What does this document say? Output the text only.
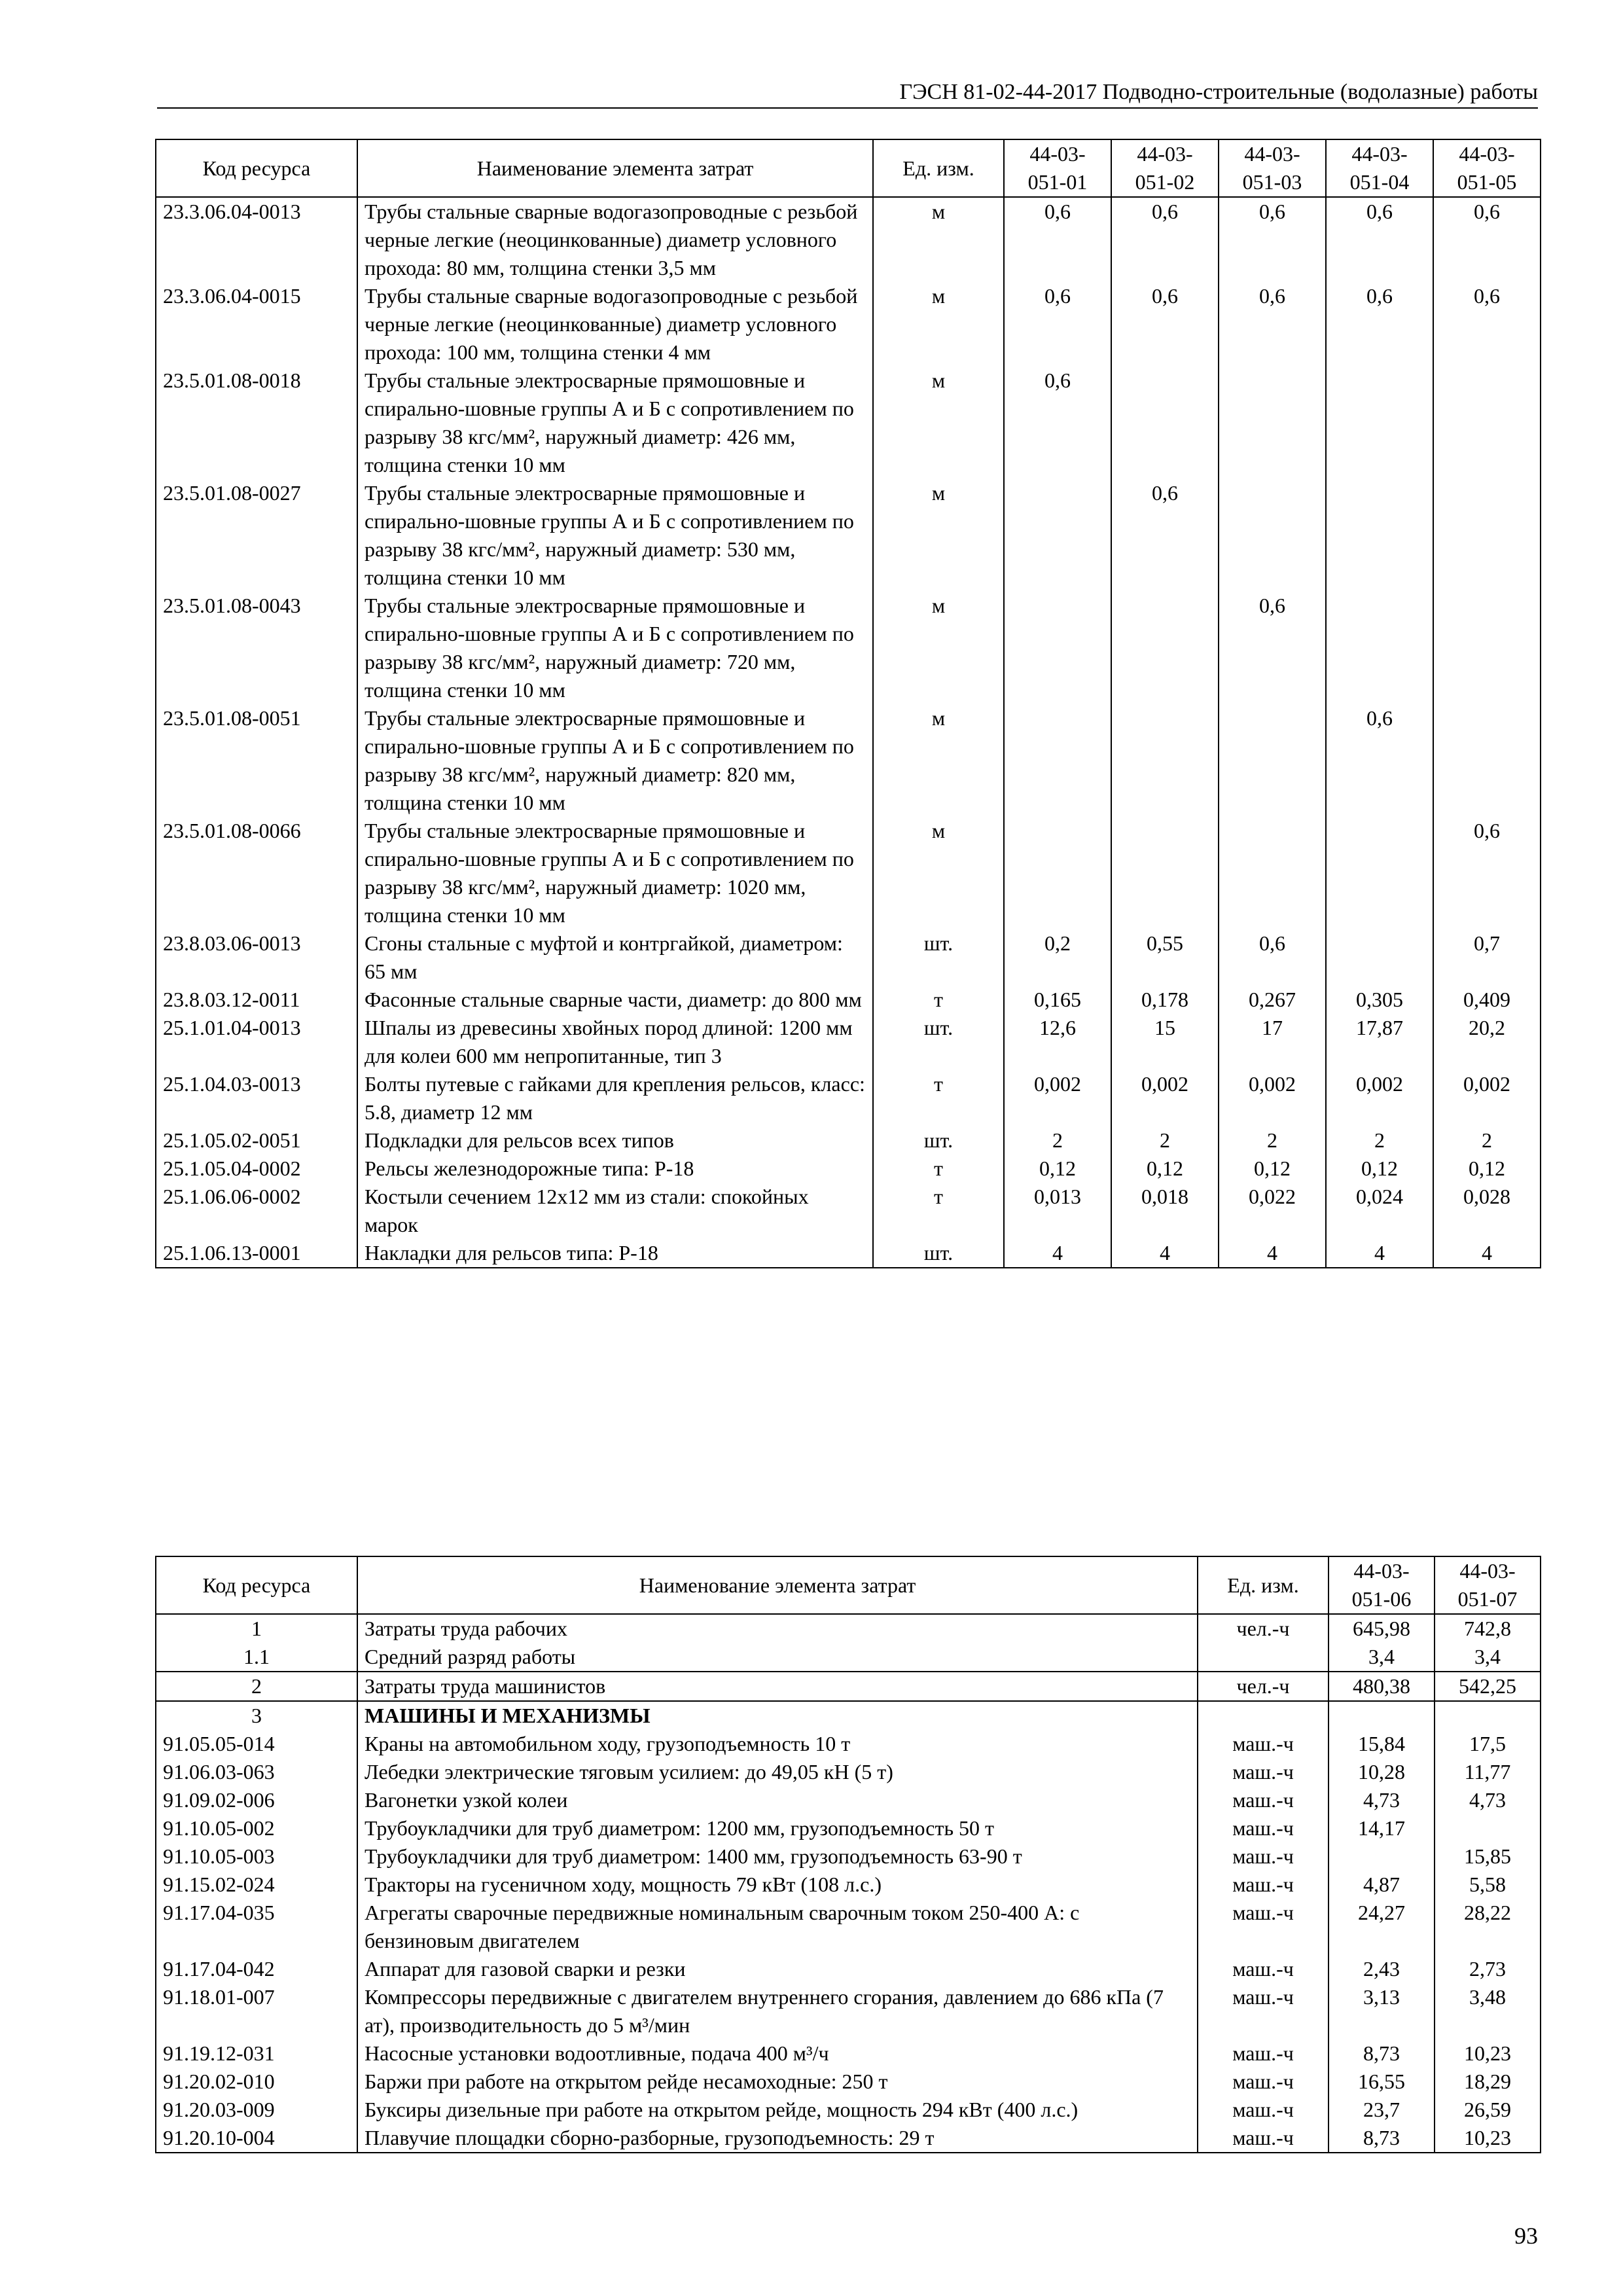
ГЭСН 81-02-44-2017 Подводно-строительные (водолазные) работы
Код ресурса	Наименование элемента затрат	Ед. изм.	44-03-051-01	44-03-051-02	44-03-051-03	44-03-051-04	44-03-051-05
23.3.06.04-0013	Трубы стальные сварные водогазопроводные с резьбой черные легкие (неоцинкованные) диаметр условного прохода: 80 мм, толщина стенки 3,5 мм	м	0,6	0,6	0,6	0,6	0,6
23.3.06.04-0015	Трубы стальные сварные водогазопроводные с резьбой черные легкие (неоцинкованные) диаметр условного прохода: 100 мм, толщина стенки 4 мм	м	0,6	0,6	0,6	0,6	0,6
23.5.01.08-0018	Трубы стальные электросварные прямошовные и спирально-шовные группы А и Б с сопротивлением по разрыву 38 кгс/мм², наружный диаметр: 426 мм, толщина стенки 10 мм	м	0,6				
23.5.01.08-0027	Трубы стальные электросварные прямошовные и спирально-шовные группы А и Б с сопротивлением по разрыву 38 кгс/мм², наружный диаметр: 530 мм, толщина стенки 10 мм	м		0,6			
23.5.01.08-0043	Трубы стальные электросварные прямошовные и спирально-шовные группы А и Б с сопротивлением по разрыву 38 кгс/мм², наружный диаметр: 720 мм, толщина стенки 10 мм	м			0,6		
23.5.01.08-0051	Трубы стальные электросварные прямошовные и спирально-шовные группы А и Б с сопротивлением по разрыву 38 кгс/мм², наружный диаметр: 820 мм, толщина стенки 10 мм	м				0,6	
23.5.01.08-0066	Трубы стальные электросварные прямошовные и спирально-шовные группы А и Б с сопротивлением по разрыву 38 кгс/мм², наружный диаметр: 1020 мм, толщина стенки 10 мм	м					0,6
23.8.03.06-0013	Сгоны стальные с муфтой и контргайкой, диаметром: 65 мм	шт.	0,2	0,55	0,6		0,7
23.8.03.12-0011	Фасонные стальные сварные части, диаметр: до 800 мм	т	0,165	0,178	0,267	0,305	0,409
25.1.01.04-0013	Шпалы из древесины хвойных пород длиной: 1200 мм для колеи 600 мм непропитанные, тип 3	шт.	12,6	15	17	17,87	20,2
25.1.04.03-0013	Болты путевые с гайками для крепления рельсов, класс: 5.8, диаметр 12 мм	т	0,002	0,002	0,002	0,002	0,002
25.1.05.02-0051	Подкладки для рельсов всех типов	шт.	2	2	2	2	2
25.1.05.04-0002	Рельсы железнодорожные типа: Р-18	т	0,12	0,12	0,12	0,12	0,12
25.1.06.06-0002	Костыли сечением 12х12 мм из стали: спокойных марок	т	0,013	0,018	0,022	0,024	0,028
25.1.06.13-0001	Накладки для рельсов типа: Р-18	шт.	4	4	4	4	4
Код ресурса	Наименование элемента затрат	Ед. изм.	44-03-051-06	44-03-051-07
1	Затраты труда рабочих	чел.-ч	645,98	742,8
1.1	Средний разряд работы		3,4	3,4
2	Затраты труда машинистов	чел.-ч	480,38	542,25
3	МАШИНЫ И МЕХАНИЗМЫ			
91.05.05-014	Краны на автомобильном ходу, грузоподъемность 10 т	маш.-ч	15,84	17,5
91.06.03-063	Лебедки электрические тяговым усилием: до 49,05 кН (5 т)	маш.-ч	10,28	11,77
91.09.02-006	Вагонетки узкой колеи	маш.-ч	4,73	4,73
91.10.05-002	Трубоукладчики для труб диаметром: 1200 мм, грузоподъемность 50 т	маш.-ч	14,17	
91.10.05-003	Трубоукладчики для труб диаметром: 1400 мм, грузоподъемность 63-90 т	маш.-ч		15,85
91.15.02-024	Тракторы на гусеничном ходу, мощность 79 кВт (108 л.с.)	маш.-ч	4,87	5,58
91.17.04-035	Агрегаты сварочные передвижные номинальным сварочным током 250-400 А: с бензиновым двигателем	маш.-ч	24,27	28,22
91.17.04-042	Аппарат для газовой сварки и резки	маш.-ч	2,43	2,73
91.18.01-007	Компрессоры передвижные с двигателем внутреннего сгорания, давлением до 686 кПа (7 ат), производительность до 5 м³/мин	маш.-ч	3,13	3,48
91.19.12-031	Насосные установки водоотливные, подача 400 м³/ч	маш.-ч	8,73	10,23
91.20.02-010	Баржи при работе на открытом рейде несамоходные: 250 т	маш.-ч	16,55	18,29
91.20.03-009	Буксиры дизельные при работе на открытом рейде, мощность 294 кВт (400 л.с.)	маш.-ч	23,7	26,59
91.20.10-004	Плавучие площадки сборно-разборные, грузоподъемность: 29 т	маш.-ч	8,73	10,23
93
